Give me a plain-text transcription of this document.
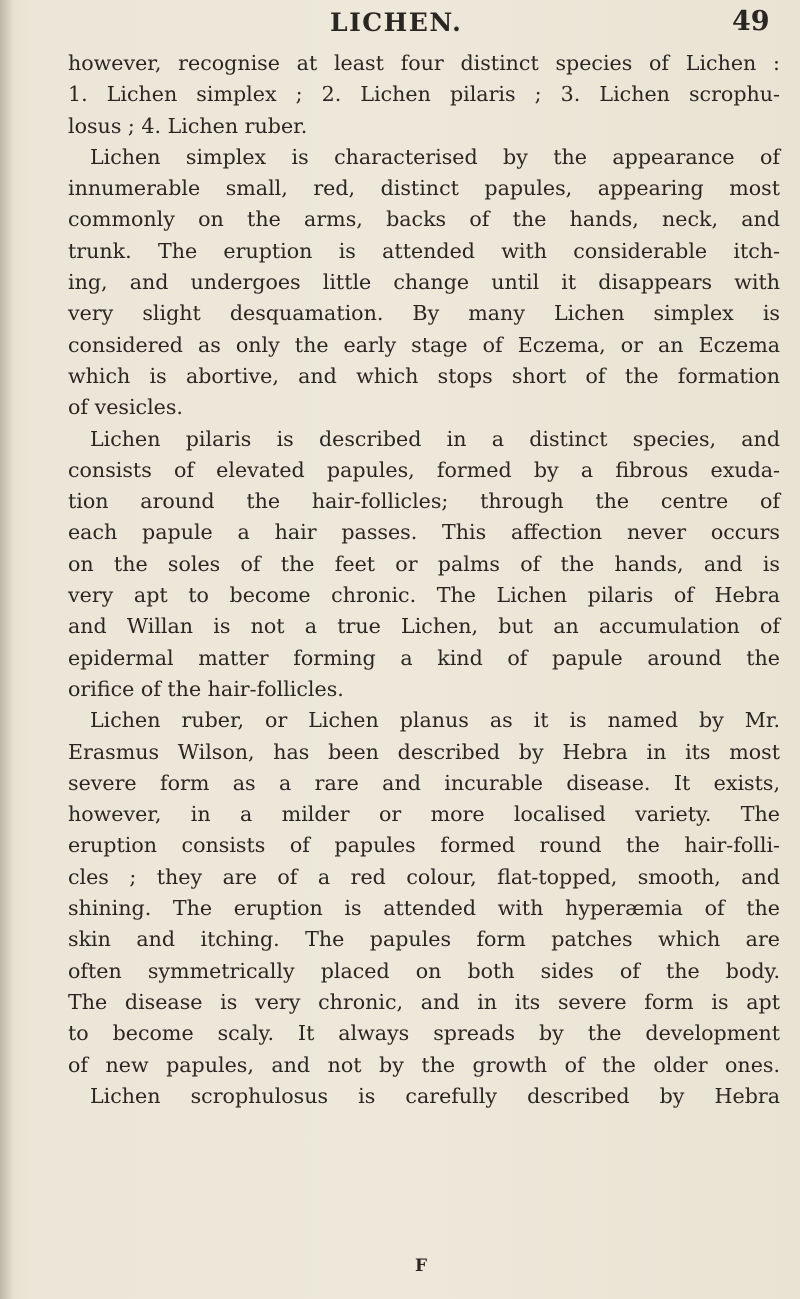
LICHEN.	49
however, recognise at least four distinct species of Lichen :
1. Lichen simplex ; 2. Lichen pilaris ; 3. Lichen scrophu-
losus ; 4. Lichen ruber.
Lichen simplex is characterised by the appearance of
innumerable small, red, distinct papules, appearing most
commonly on the arms, backs of the hands, neck, and
trunk. The eruption is attended with considerable itch-
ing, and undergoes little change until it disappears with
very slight desquamation. By many Lichen simplex is
considered as only the early stage of Eczema, or an Eczema
which is abortive, and which stops short of the formation
of vesicles.
Lichen pilaris is described in a distinct species, and
consists of elevated papules, formed by a fibrous exuda-
tion around the hair-follicles; through the centre of
each papule a hair passes. This affection never occurs
on the soles of the feet or palms of the hands, and is
very apt to become chronic. The Lichen pilaris of Hebra
and Willan is not a true Lichen, but an accumulation of
epidermal matter forming a kind of papule around the
orifice of the hair-follicles.
Lichen ruber, or Lichen planus as it is named by Mr.
Erasmus Wilson, has been described by Hebra in its most
severe form as a rare and incurable disease. It exists,
however, in a milder or more localised variety. The
eruption consists of papules formed round the hair-folli-
cles ; they are of a red colour, flat-topped, smooth, and
shining. The eruption is attended with hyperæmia of the
skin and itching. The papules form patches which are
often symmetrically placed on both sides of the body.
The disease is very chronic, and in its severe form is apt
to become scaly. It always spreads by the development
of new papules, and not by the growth of the older ones.
Lichen scrophulosus is carefully described by Hebra
F
